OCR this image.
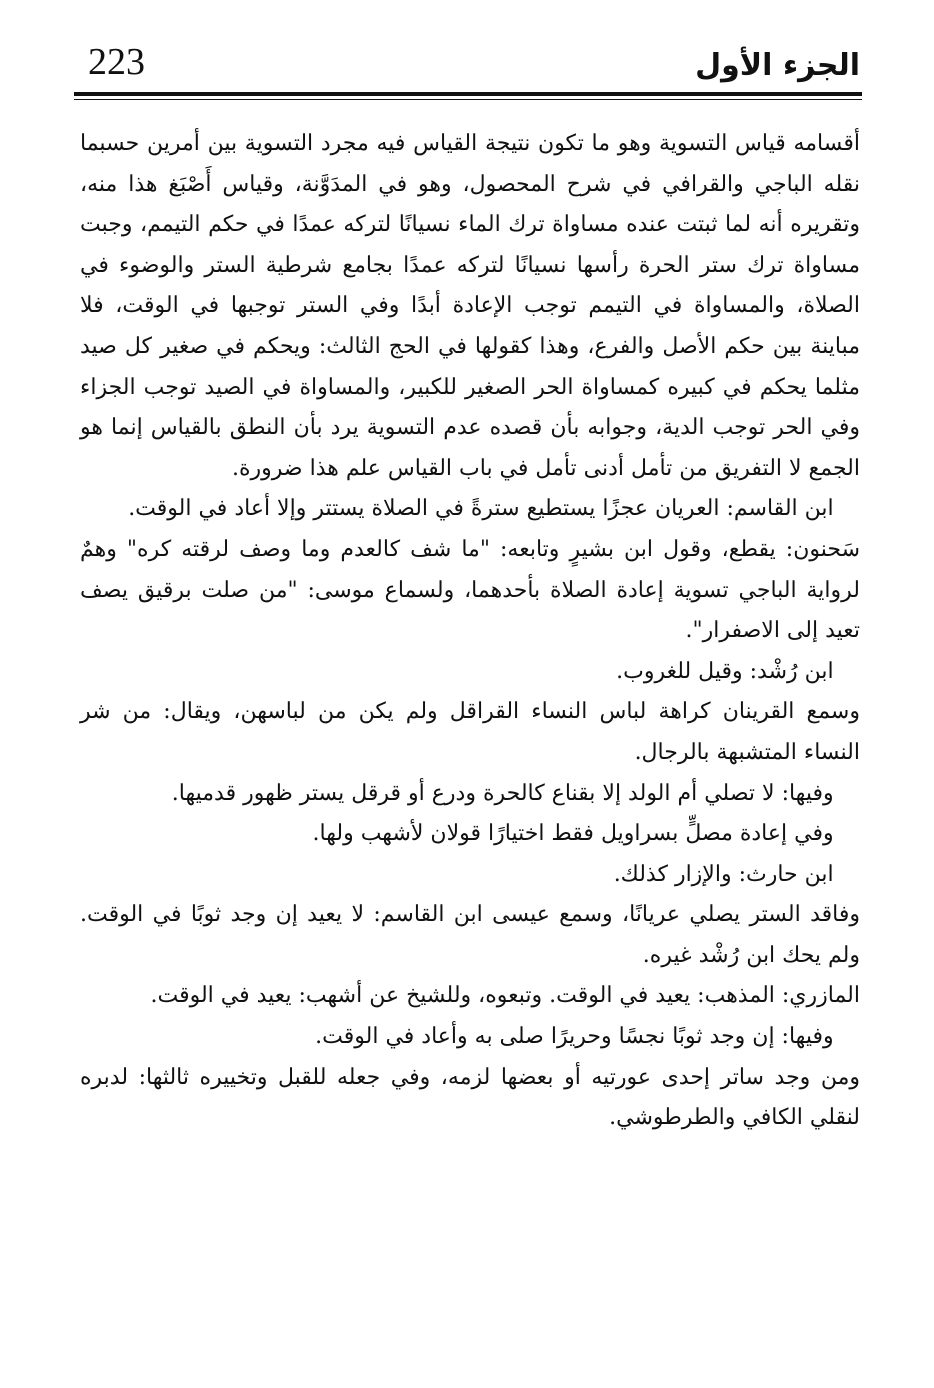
223	الجزء الأول

أقسامه قياس التسوية وهو ما تكون نتيجة القياس فيه مجرد التسوية بين أمرين حسبما نقله الباجي والقرافي في شرح المحصول، وهو في المدَوَّنة، وقياس أَصْبَغ هذا منه، وتقريره أنه لما ثبتت عنده مساواة ترك الماء نسيانًا لتركه عمدًا في حكم التيمم، وجبت مساواة ترك ستر الحرة رأسها نسيانًا لتركه عمدًا بجامع شرطية الستر والوضوء في الصلاة، والمساواة في التيمم توجب الإعادة أبدًا وفي الستر توجبها في الوقت، فلا مباينة بين حكم الأصل والفرع، وهذا كقولها في الحج الثالث: ويحكم في صغير كل صيد مثلما يحكم في كبيره كمساواة الحر الصغير للكبير، والمساواة في الصيد توجب الجزاء وفي الحر توجب الدية، وجوابه بأن قصده عدم التسوية يرد بأن النطق بالقياس إنما هو الجمع لا التفريق من تأمل أدنى تأمل في باب القياس علم هذا ضرورة.

ابن القاسم: العريان عجزًا يستطيع سترةً في الصلاة يستتر وإلا أعاد في الوقت.

سَحنون: يقطع، وقول ابن بشيرٍ وتابعه: "ما شف كالعدم وما وصف لرقته كره" وهمٌ لرواية الباجي تسوية إعادة الصلاة بأحدهما، ولسماع موسى: "من صلت برقيق يصف تعيد إلى الاصفرار".

ابن رُشْد: وقيل للغروب.

وسمع القرينان كراهة لباس النساء القراقل ولم يكن من لباسهن، ويقال: من شر النساء المتشبهة بالرجال.

وفيها: لا تصلي أم الولد إلا بقناع كالحرة ودرع أو قرقل يستر ظهور قدميها.

وفي إعادة مصلٍّ بسراويل فقط اختيارًا قولان لأشهب ولها.

ابن حارث: والإزار كذلك.

وفاقد الستر يصلي عريانًا، وسمع عيسى ابن القاسم: لا يعيد إن وجد ثوبًا في الوقت. ولم يحك ابن رُشْد غيره.

المازري: المذهب: يعيد في الوقت. وتبعوه، وللشيخ عن أشهب: يعيد في الوقت.

وفيها: إن وجد ثوبًا نجسًا وحريرًا صلى به وأعاد في الوقت.

ومن وجد ساتر إحدى عورتيه أو بعضها لزمه، وفي جعله للقبل وتخييره ثالثها: لدبره لنقلي الكافي والطرطوشي.
